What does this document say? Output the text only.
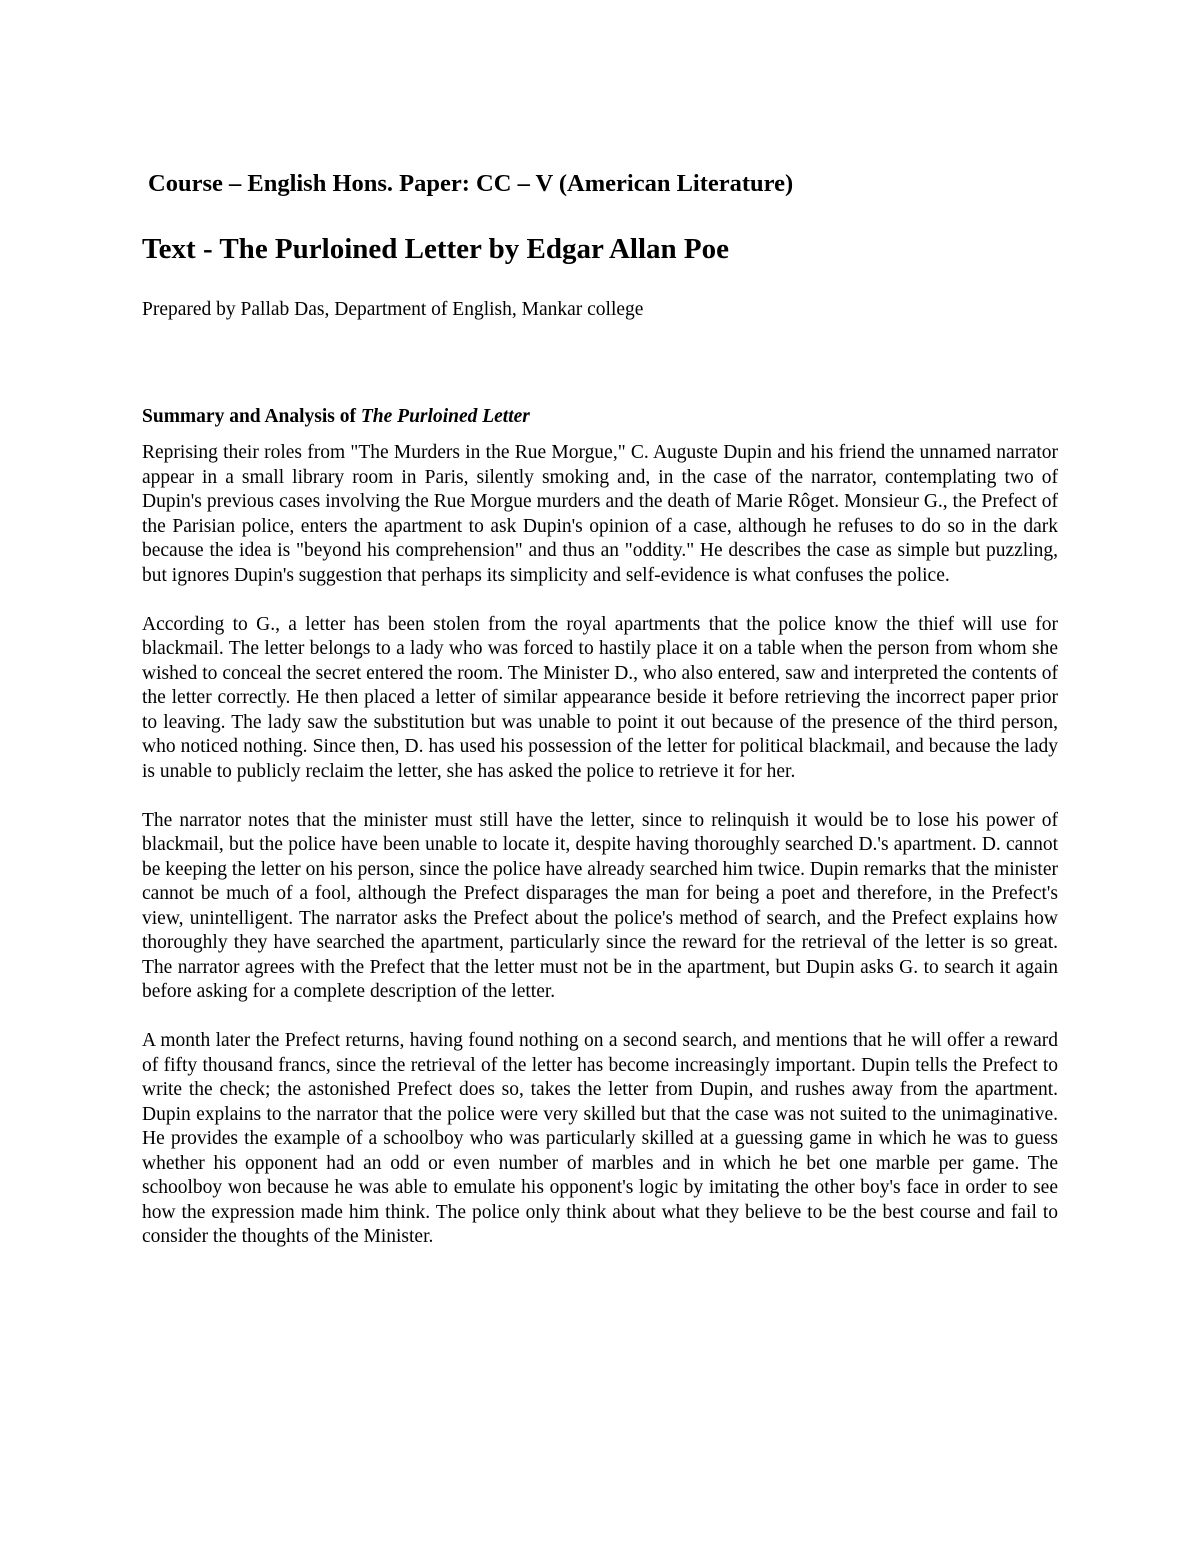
Course – English Hons. Paper: CC – V (American Literature)
Text - The Purloined Letter by Edgar Allan Poe
Prepared by Pallab Das, Department of English, Mankar college
Summary and Analysis of The Purloined Letter

Reprising their roles from "The Murders in the Rue Morgue," C. Auguste Dupin and his friend the unnamed narrator appear in a small library room in Paris, silently smoking and, in the case of the narrator, contemplating two of Dupin's previous cases involving the Rue Morgue murders and the death of Marie Rôget. Monsieur G., the Prefect of the Parisian police, enters the apartment to ask Dupin's opinion of a case, although he refuses to do so in the dark because the idea is "beyond his comprehension" and thus an "oddity." He describes the case as simple but puzzling, but ignores Dupin's suggestion that perhaps its simplicity and self-evidence is what confuses the police.

According to G., a letter has been stolen from the royal apartments that the police know the thief will use for blackmail. The letter belongs to a lady who was forced to hastily place it on a table when the person from whom she wished to conceal the secret entered the room. The Minister D., who also entered, saw and interpreted the contents of the letter correctly. He then placed a letter of similar appearance beside it before retrieving the incorrect paper prior to leaving. The lady saw the substitution but was unable to point it out because of the presence of the third person, who noticed nothing. Since then, D. has used his possession of the letter for political blackmail, and because the lady is unable to publicly reclaim the letter, she has asked the police to retrieve it for her.

The narrator notes that the minister must still have the letter, since to relinquish it would be to lose his power of blackmail, but the police have been unable to locate it, despite having thoroughly searched D.'s apartment. D. cannot be keeping the letter on his person, since the police have already searched him twice. Dupin remarks that the minister cannot be much of a fool, although the Prefect disparages the man for being a poet and therefore, in the Prefect's view, unintelligent. The narrator asks the Prefect about the police's method of search, and the Prefect explains how thoroughly they have searched the apartment, particularly since the reward for the retrieval of the letter is so great. The narrator agrees with the Prefect that the letter must not be in the apartment, but Dupin asks G. to search it again before asking for a complete description of the letter.

A month later the Prefect returns, having found nothing on a second search, and mentions that he will offer a reward of fifty thousand francs, since the retrieval of the letter has become increasingly important. Dupin tells the Prefect to write the check; the astonished Prefect does so, takes the letter from Dupin, and rushes away from the apartment. Dupin explains to the narrator that the police were very skilled but that the case was not suited to the unimaginative. He provides the example of a schoolboy who was particularly skilled at a guessing game in which he was to guess whether his opponent had an odd or even number of marbles and in which he bet one marble per game. The schoolboy won because he was able to emulate his opponent's logic by imitating the other boy's face in order to see how the expression made him think. The police only think about what they believe to be the best course and fail to consider the thoughts of the Minister.
